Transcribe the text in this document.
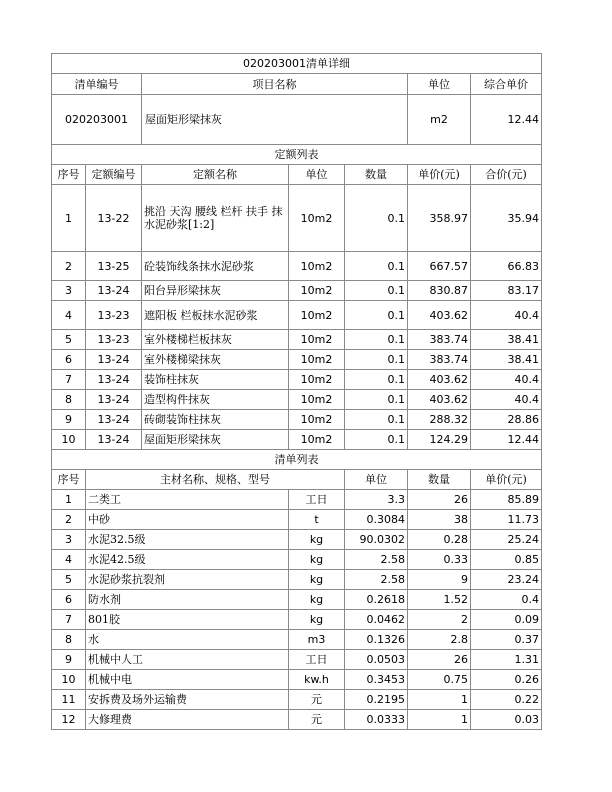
020203001清单详细							
清单编号		项目名称			单位	综合单价	
020203001		屋面矩形梁抹灰			m2	12.44	
定额列表							
序号	定额编号	定额名称	单位	数量	单价(元)	合价(元)	
1	13-22	挑沿 天沟 腰线 栏杆 扶手 抹水泥砂浆[1:2]	10m2	0.1	358.97	35.94	
2	13-25	砼装饰线条抹水泥砂浆	10m2	0.1	667.57	66.83	
3	13-24	阳台异形梁抹灰	10m2	0.1	830.87	83.17	
4	13-23	遮阳板 栏板抹水泥砂浆	10m2	0.1	403.62	40.4	
5	13-23	室外楼梯栏板抹灰	10m2	0.1	383.74	38.41	
6	13-24	室外楼梯梁抹灰	10m2	0.1	383.74	38.41	
7	13-24	装饰柱抹灰	10m2	0.1	403.62	40.4	
8	13-24	造型构件抹灰	10m2	0.1	403.62	40.4	
9	13-24	砖砌装饰柱抹灰	10m2	0.1	288.32	28.86	
10	13-24	屋面矩形梁抹灰	10m2	0.1	124.29	12.44	
清单列表							
序号	主材名称、规格、型号			单位	数量	单价(元)	
1	二类工	工日	3.3	26	85.89
2	中砂	t	0.3084	38	11.73
3	水泥32.5级	kg	90.0302	0.28	25.24
4	水泥42.5级	kg	2.58	0.33	0.85
5	水泥砂浆抗裂剂	kg	2.58	9	23.24
6	防水剂	kg	0.2618	1.52	0.4
7	801胶	kg	0.0462	2	0.09
8	水	m3	0.1326	2.8	0.37
9	机械中人工	工日	0.0503	26	1.31
10	机械中电	kw.h	0.3453	0.75	0.26
11	安拆费及场外运输费	元	0.2195	1	0.22
12	大修理费	元	0.0333	1	0.03
